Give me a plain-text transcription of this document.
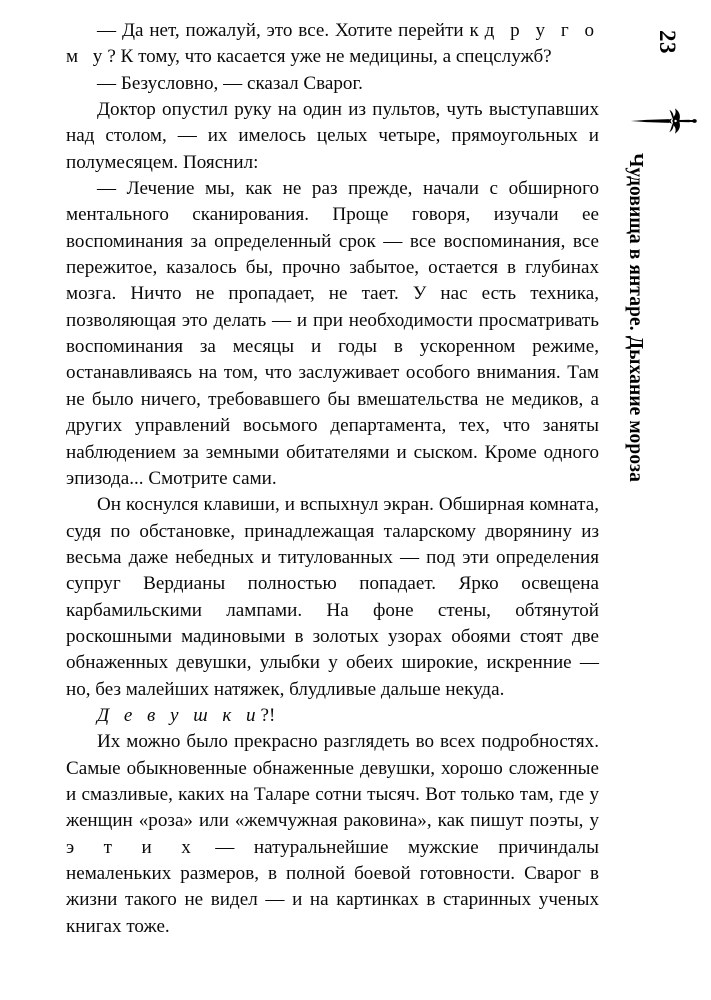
— Да нет, пожалуй, это все. Хотите перейти к д р у г о м у? К тому, что касается уже не медицины, а спецслужб?

— Безусловно, — сказал Сварог.

Доктор опустил руку на один из пультов, чуть выступавших над столом, — их имелось целых четыре, прямоугольных и полумесяцем. Пояснил:

— Лечение мы, как не раз прежде, начали с обширного ментального сканирования. Проще говоря, изучали ее воспоминания за определенный срок — все воспоминания, все пережитое, казалось бы, прочно забытое, остается в глубинах мозга. Ничто не пропадает, не тает. У нас есть техника, позволяющая это делать — и при необходимости просматривать воспоминания за месяцы и годы в ускоренном режиме, останавливаясь на том, что заслуживает особого внимания. Там не было ничего, требовавшего бы вмешательства не медиков, а других управлений восьмого департамента, тех, что заняты наблюдением за земными обитателями и сыском. Кроме одного эпизода... Смотрите сами.

Он коснулся клавиши, и вспыхнул экран. Обширная комната, судя по обстановке, принадлежащая таларскому дворянину из весьма даже небедных и титулованных — под эти определения супруг Вердианы полностью попадает. Ярко освещена карбамильскими лампами. На фоне стены, обтянутой роскошными мадиновыми в золотых узорах обоями стоят две обнаженных девушки, улыбки у обеих широкие, искренние — но, без малейших натяжек, блудливые дальше некуда.

Д е в у ш к и?!

Их можно было прекрасно разглядеть во всех подробностях. Самые обыкновенные обнаженные девушки, хорошо сложенные и смазливые, каких на Таларе сотни тысяч. Вот только там, где у женщин «роза» или «жемчужная раковина», как пишут поэты, у э т и х — натуральнейшие мужские причиндалы немаленьких размеров, в полной боевой готовности. Сварог в жизни такого не видел — и на картинках в старинных ученых книгах тоже.

23
Чудовища в янтаре. Дыхание мороза
